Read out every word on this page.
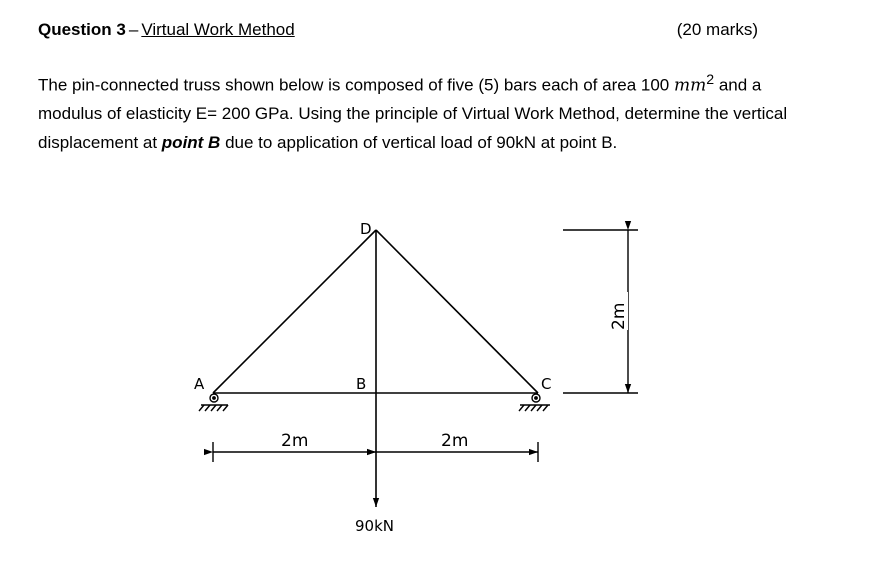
Question 3 – Virtual Work Method	(20 marks)
The pin-connected truss shown below is composed of five (5) bars each of area 100 $mm^2$ and a modulus of elasticity E= 200 GPa. Using the principle of Virtual Work Method, determine the vertical displacement at point B due to application of vertical load of 90kN at point B.
D
A	B	C
2m	2m
90kN
2m
